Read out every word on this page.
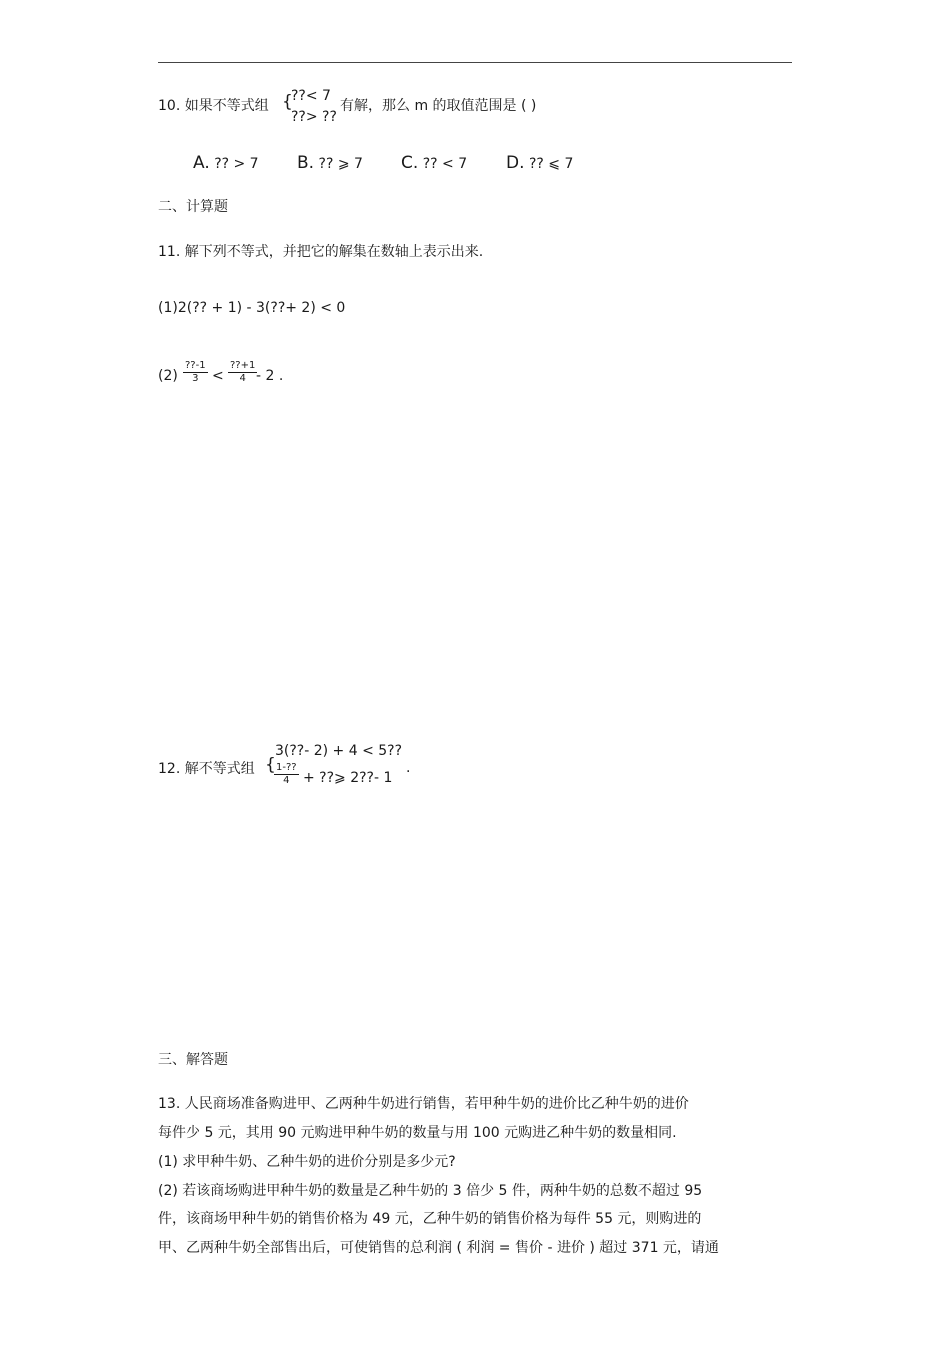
10. 如果不等式组 {
??< 7
??> ??
有解，那么 m 的取值范围是 ( )
A. ?? > 7 B. ?? ⩾ 7 C. ?? < 7 D. ?? ⩽ 7
二、计算题
11. 解下列不等式，并把它的解集在数轴上表示出来.
(1)2(?? + 1) - 3(??+ 2) < 0
$(2) \frac{??-1}{3} < \frac{??+1}{4}$
- 2 .
12. 解不等式组 {
3(??- 2) + 4 < 5??
$\frac{1-??}{4}$ + ??⩾ 2??- 1
.
三、解答题
13. 人民商场准备购进甲、乙两种牛奶进行销售，若甲种牛奶的进价比乙种牛奶的进价
每件少 5 元，其用 90 元购进甲种牛奶的数量与用 100 元购进乙种牛奶的数量相同.
(1) 求甲种牛奶、乙种牛奶的进价分别是多少元?
(2) 若该商场购进甲种牛奶的数量是乙种牛奶的 3 倍少 5 件，两种牛奶的总数不超过 95
件，该商场甲种牛奶的销售价格为 49 元，乙种牛奶的销售价格为每件 55 元，则购进的
甲、乙两种牛奶全部售出后，可使销售的总利润 ( 利润 = 售价 - 进价 ) 超过 371 元，请通
